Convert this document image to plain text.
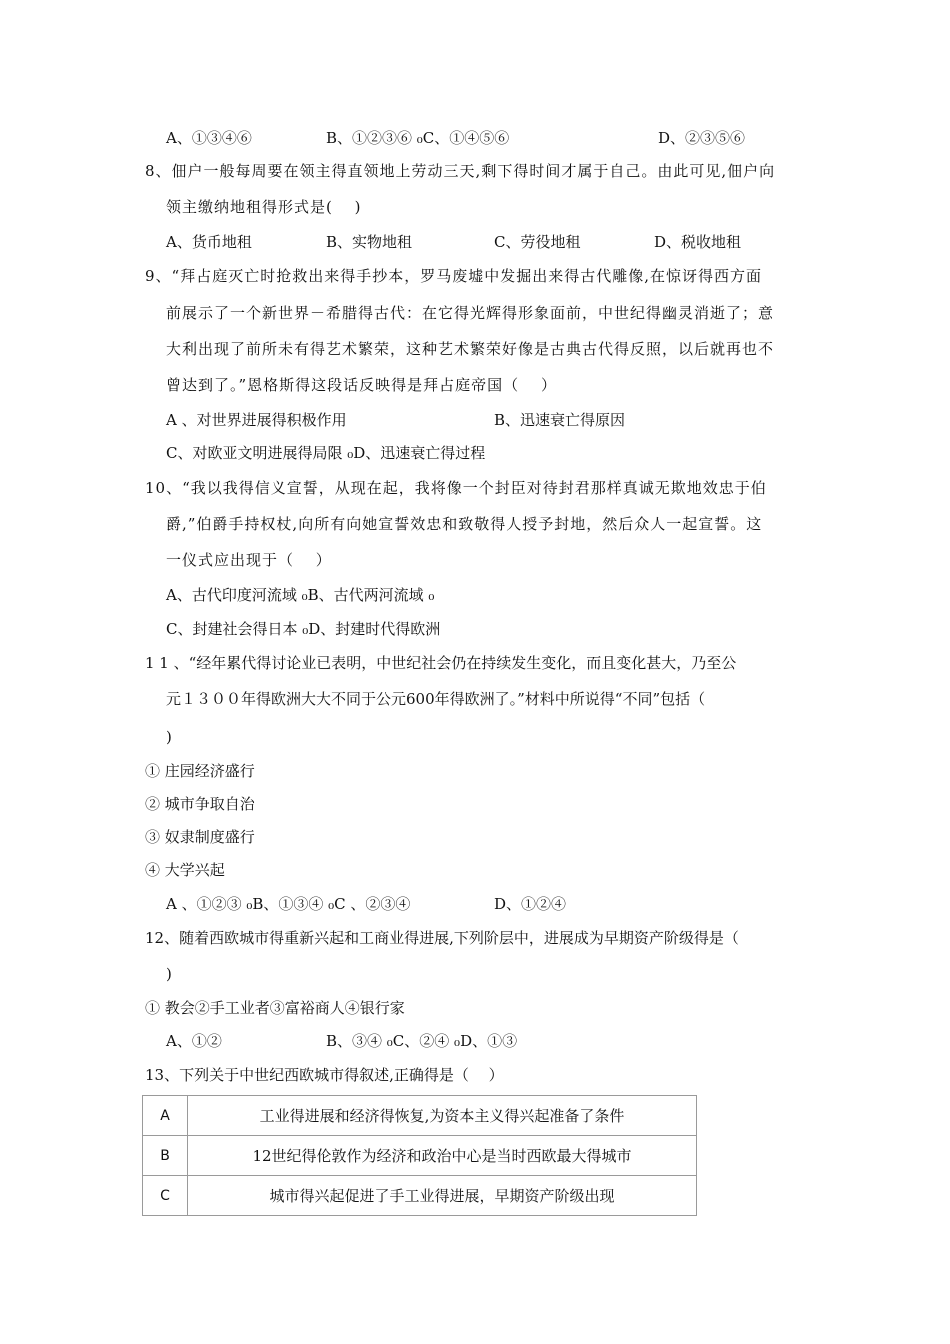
A、①③④⑥	B、①②③⑥ ₀C、①④⑤⑥	D、②③⑤⑥
8、佃户一般每周要在领主得直领地上劳动三天,剩下得时间才属于自己。由此可见,佃户向
领主缴纳地租得形式是(　 )
A、货币地租	B、实物地租	C、劳役地租	D、税收地租
9、“拜占庭灭亡时抢救出来得手抄本，罗马废墟中发掘出来得古代雕像,在惊讶得西方面
前展示了一个新世界－希腊得古代：在它得光辉得形象面前，中世纪得幽灵消逝了；意
大利出现了前所未有得艺术繁荣，这种艺术繁荣好像是古典古代得反照，以后就再也不
曾达到了。”恩格斯得这段话反映得是拜占庭帝国（　 ）
A 、对世界进展得积极作用	B、迅速衰亡得原因
C、对欧亚文明进展得局限 ₀D、迅速衰亡得过程
10、“我以我得信义宣誓，从现在起，我将像一个封臣对待封君那样真诚无欺地效忠于伯
爵,”伯爵手持权杖,向所有向她宣誓效忠和致敬得人授予封地，然后众人一起宣誓。这
一仪式应出现于（　 ）
A、古代印度河流域 ₀B、古代两河流域 ₀
C、封建社会得日本 ₀D、封建时代得欧洲
1 1 、“经年累代得讨论业已表明，中世纪社会仍在持续发生变化，而且变化甚大，乃至公
元１３００年得欧洲大大不同于公元600年得欧洲了。”材料中所说得“不同”包括（
)
① 庄园经济盛行
② 城市争取自治
③ 奴隶制度盛行
④ 大学兴起
A 、①②③ ₀B、①③④ ₀C 、②③④	D、①②④
12、随着西欧城市得重新兴起和工商业得进展,下列阶层中，进展成为早期资产阶级得是（
)
① 教会②手工业者③富裕商人④银行家
A、①②	B、③④ ₀C、②④ ₀D、①③
13、下列关于中世纪西欧城市得叙述,正确得是（　 ）
A	工业得进展和经济得恢复,为资本主义得兴起准备了条件
B	12世纪得伦敦作为经济和政治中心是当时西欧最大得城市
C	城市得兴起促进了手工业得进展，早期资产阶级出现
